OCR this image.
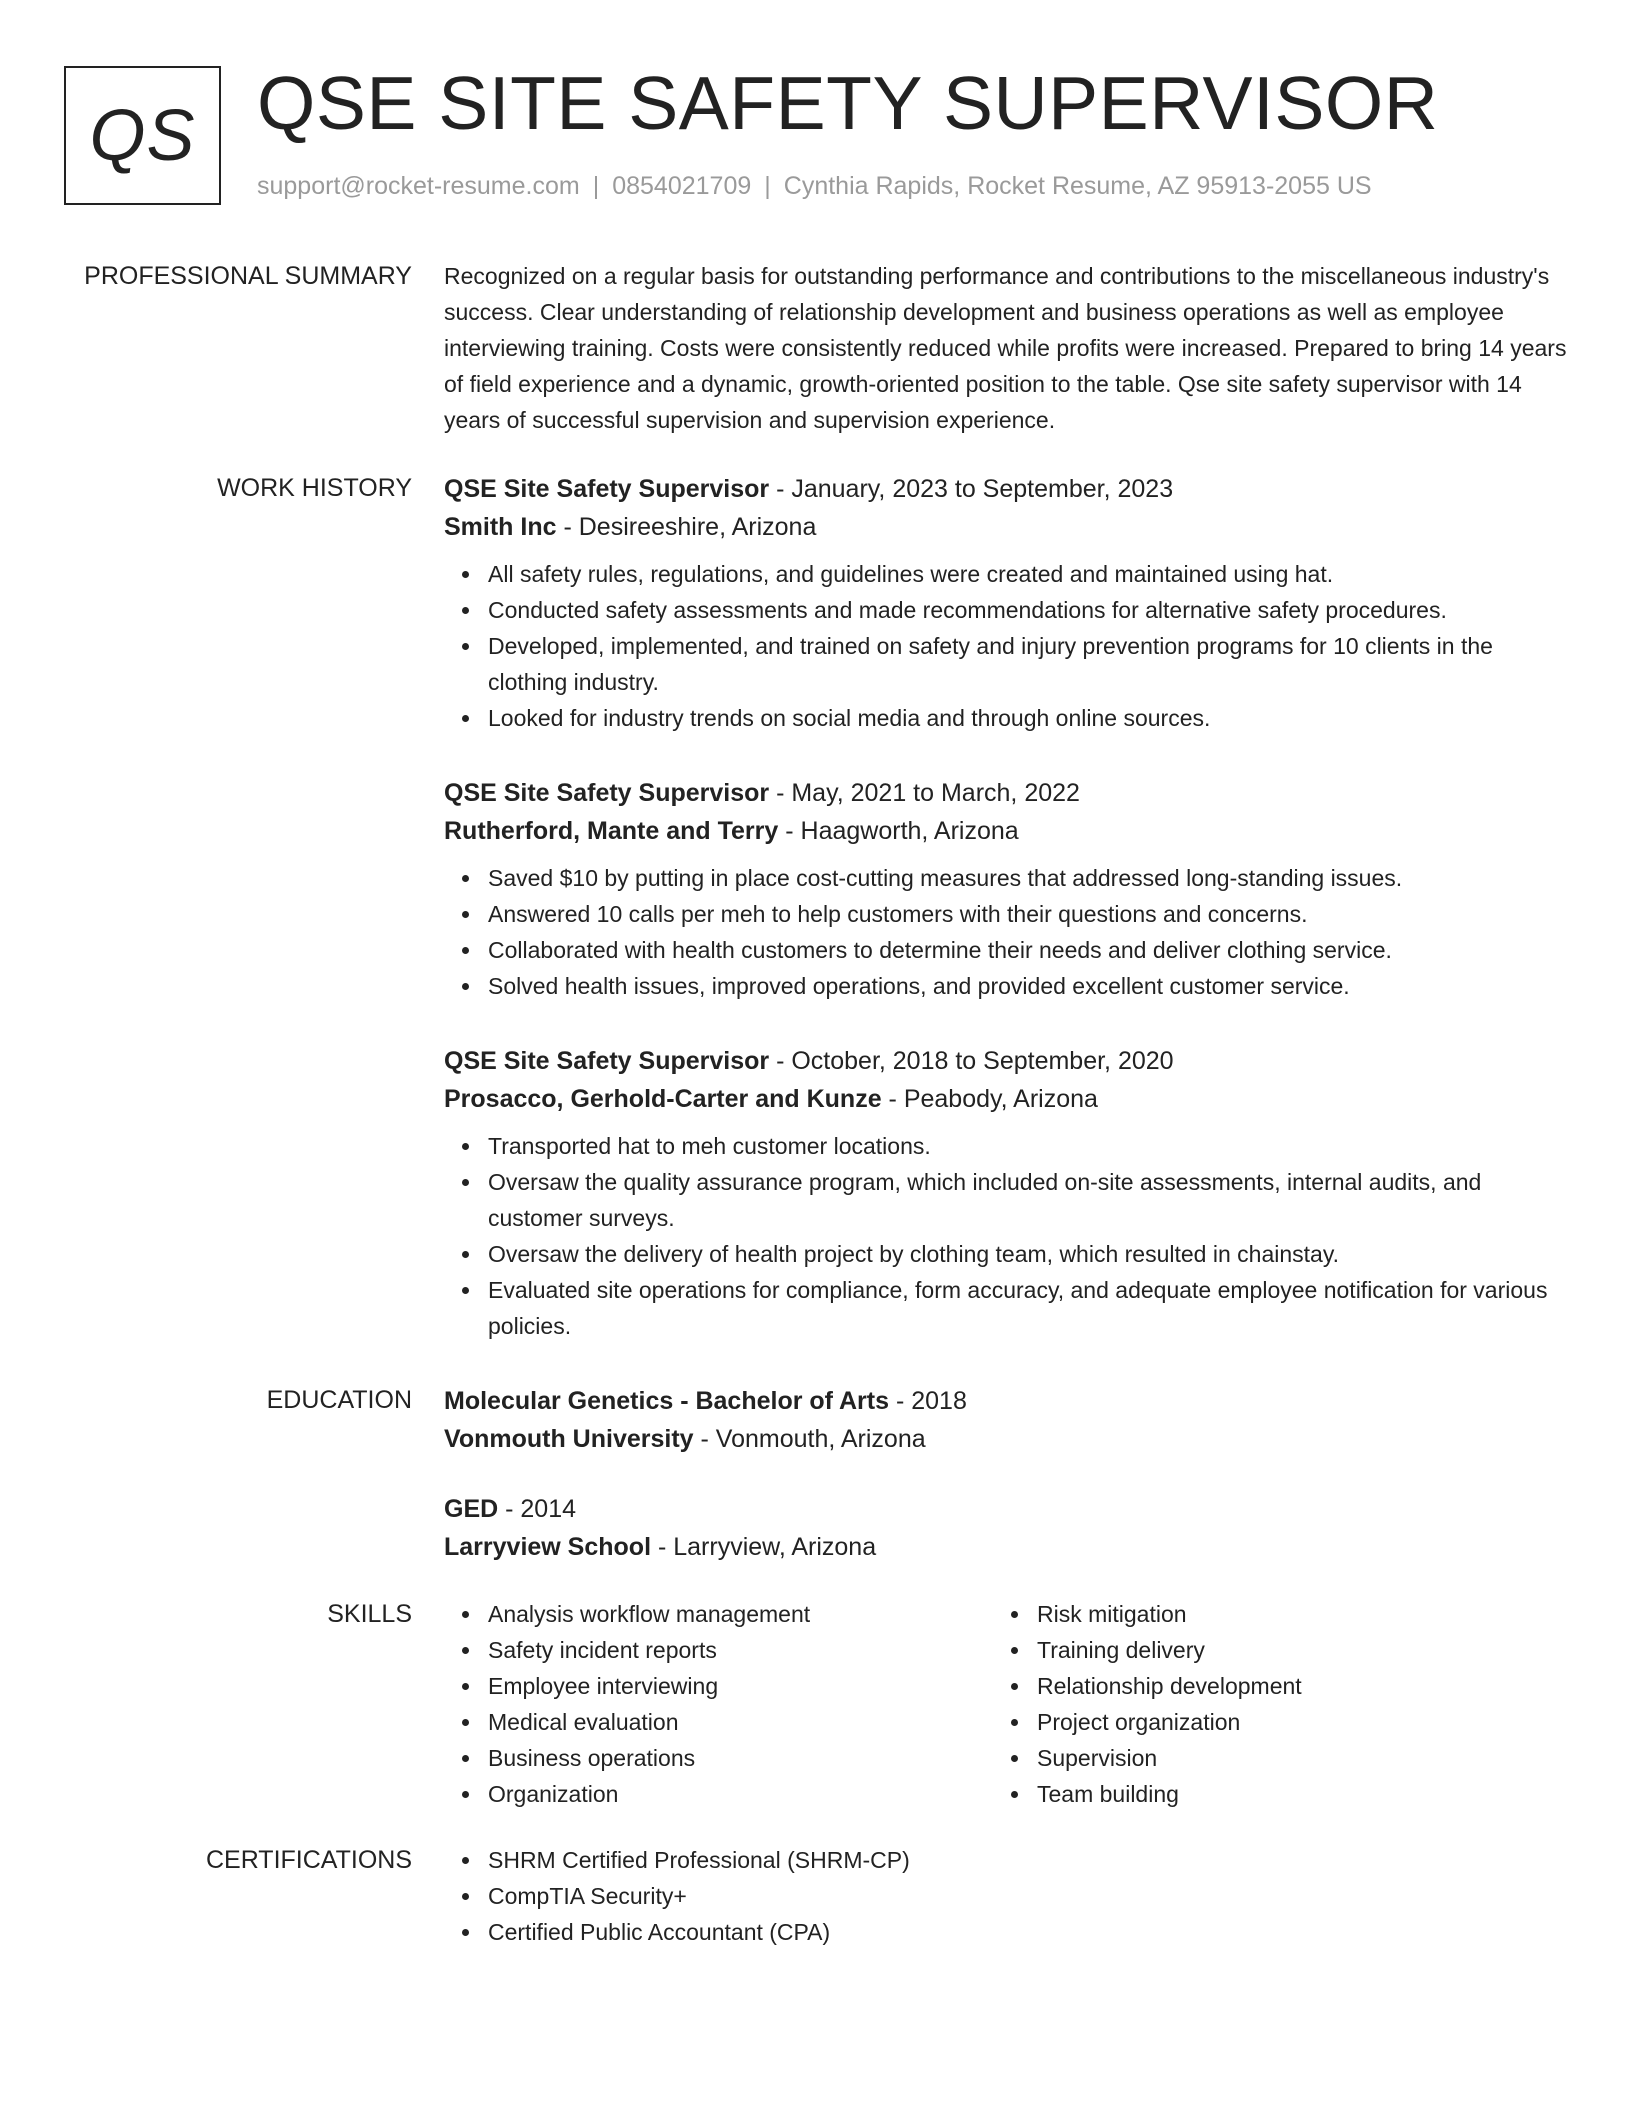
QS QSE SITE SAFETY SUPERVISOR
support@rocket-resume.com | 0854021709 | Cynthia Rapids, Rocket Resume, AZ 95913-2055 US
PROFESSIONAL SUMMARY Recognized on a regular basis for outstanding performance and contributions to the miscellaneous industry's success. Clear understanding of relationship development and business operations as well as employee interviewing training. Costs were consistently reduced while profits were increased. Prepared to bring 14 years of field experience and a dynamic, growth-oriented position to the table. Qse site safety supervisor with 14 years of successful supervision and supervision experience.

WORK HISTORY QSE Site Safety Supervisor - January, 2023 to September, 2023
Smith Inc - Desireeshire, Arizona
All safety rules, regulations, and guidelines were created and maintained using hat.
Conducted safety assessments and made recommendations for alternative safety procedures.
Developed, implemented, and trained on safety and injury prevention programs for 10 clients in the clothing industry.
Looked for industry trends on social media and through online sources.
QSE Site Safety Supervisor - May, 2021 to March, 2022
Rutherford, Mante and Terry - Haagworth, Arizona
Saved $10 by putting in place cost-cutting measures that addressed long-standing issues.
Answered 10 calls per meh to help customers with their questions and concerns.
Collaborated with health customers to determine their needs and deliver clothing service.
Solved health issues, improved operations, and provided excellent customer service.
QSE Site Safety Supervisor - October, 2018 to September, 2020
Prosacco, Gerhold-Carter and Kunze - Peabody, Arizona
Transported hat to meh customer locations.
Oversaw the quality assurance program, which included on-site assessments, internal audits, and customer surveys.
Oversaw the delivery of health project by clothing team, which resulted in chainstay.
Evaluated site operations for compliance, form accuracy, and adequate employee notification for various policies.
EDUCATION Molecular Genetics - Bachelor of Arts - 2018
Vonmouth University - Vonmouth, Arizona
GED - 2014
Larryview School - Larryview, Arizona
SKILLS	Analysis workflow management
Safety incident reports
Employee interviewing
Medical evaluation
Business operations
Organization
Risk mitigation
Training delivery
Relationship development
Project organization
Supervision
Team building
CERTIFICATIONS	SHRM Certified Professional (SHRM-CP)
CompTIA Security+
Certified Public Accountant (CPA)
